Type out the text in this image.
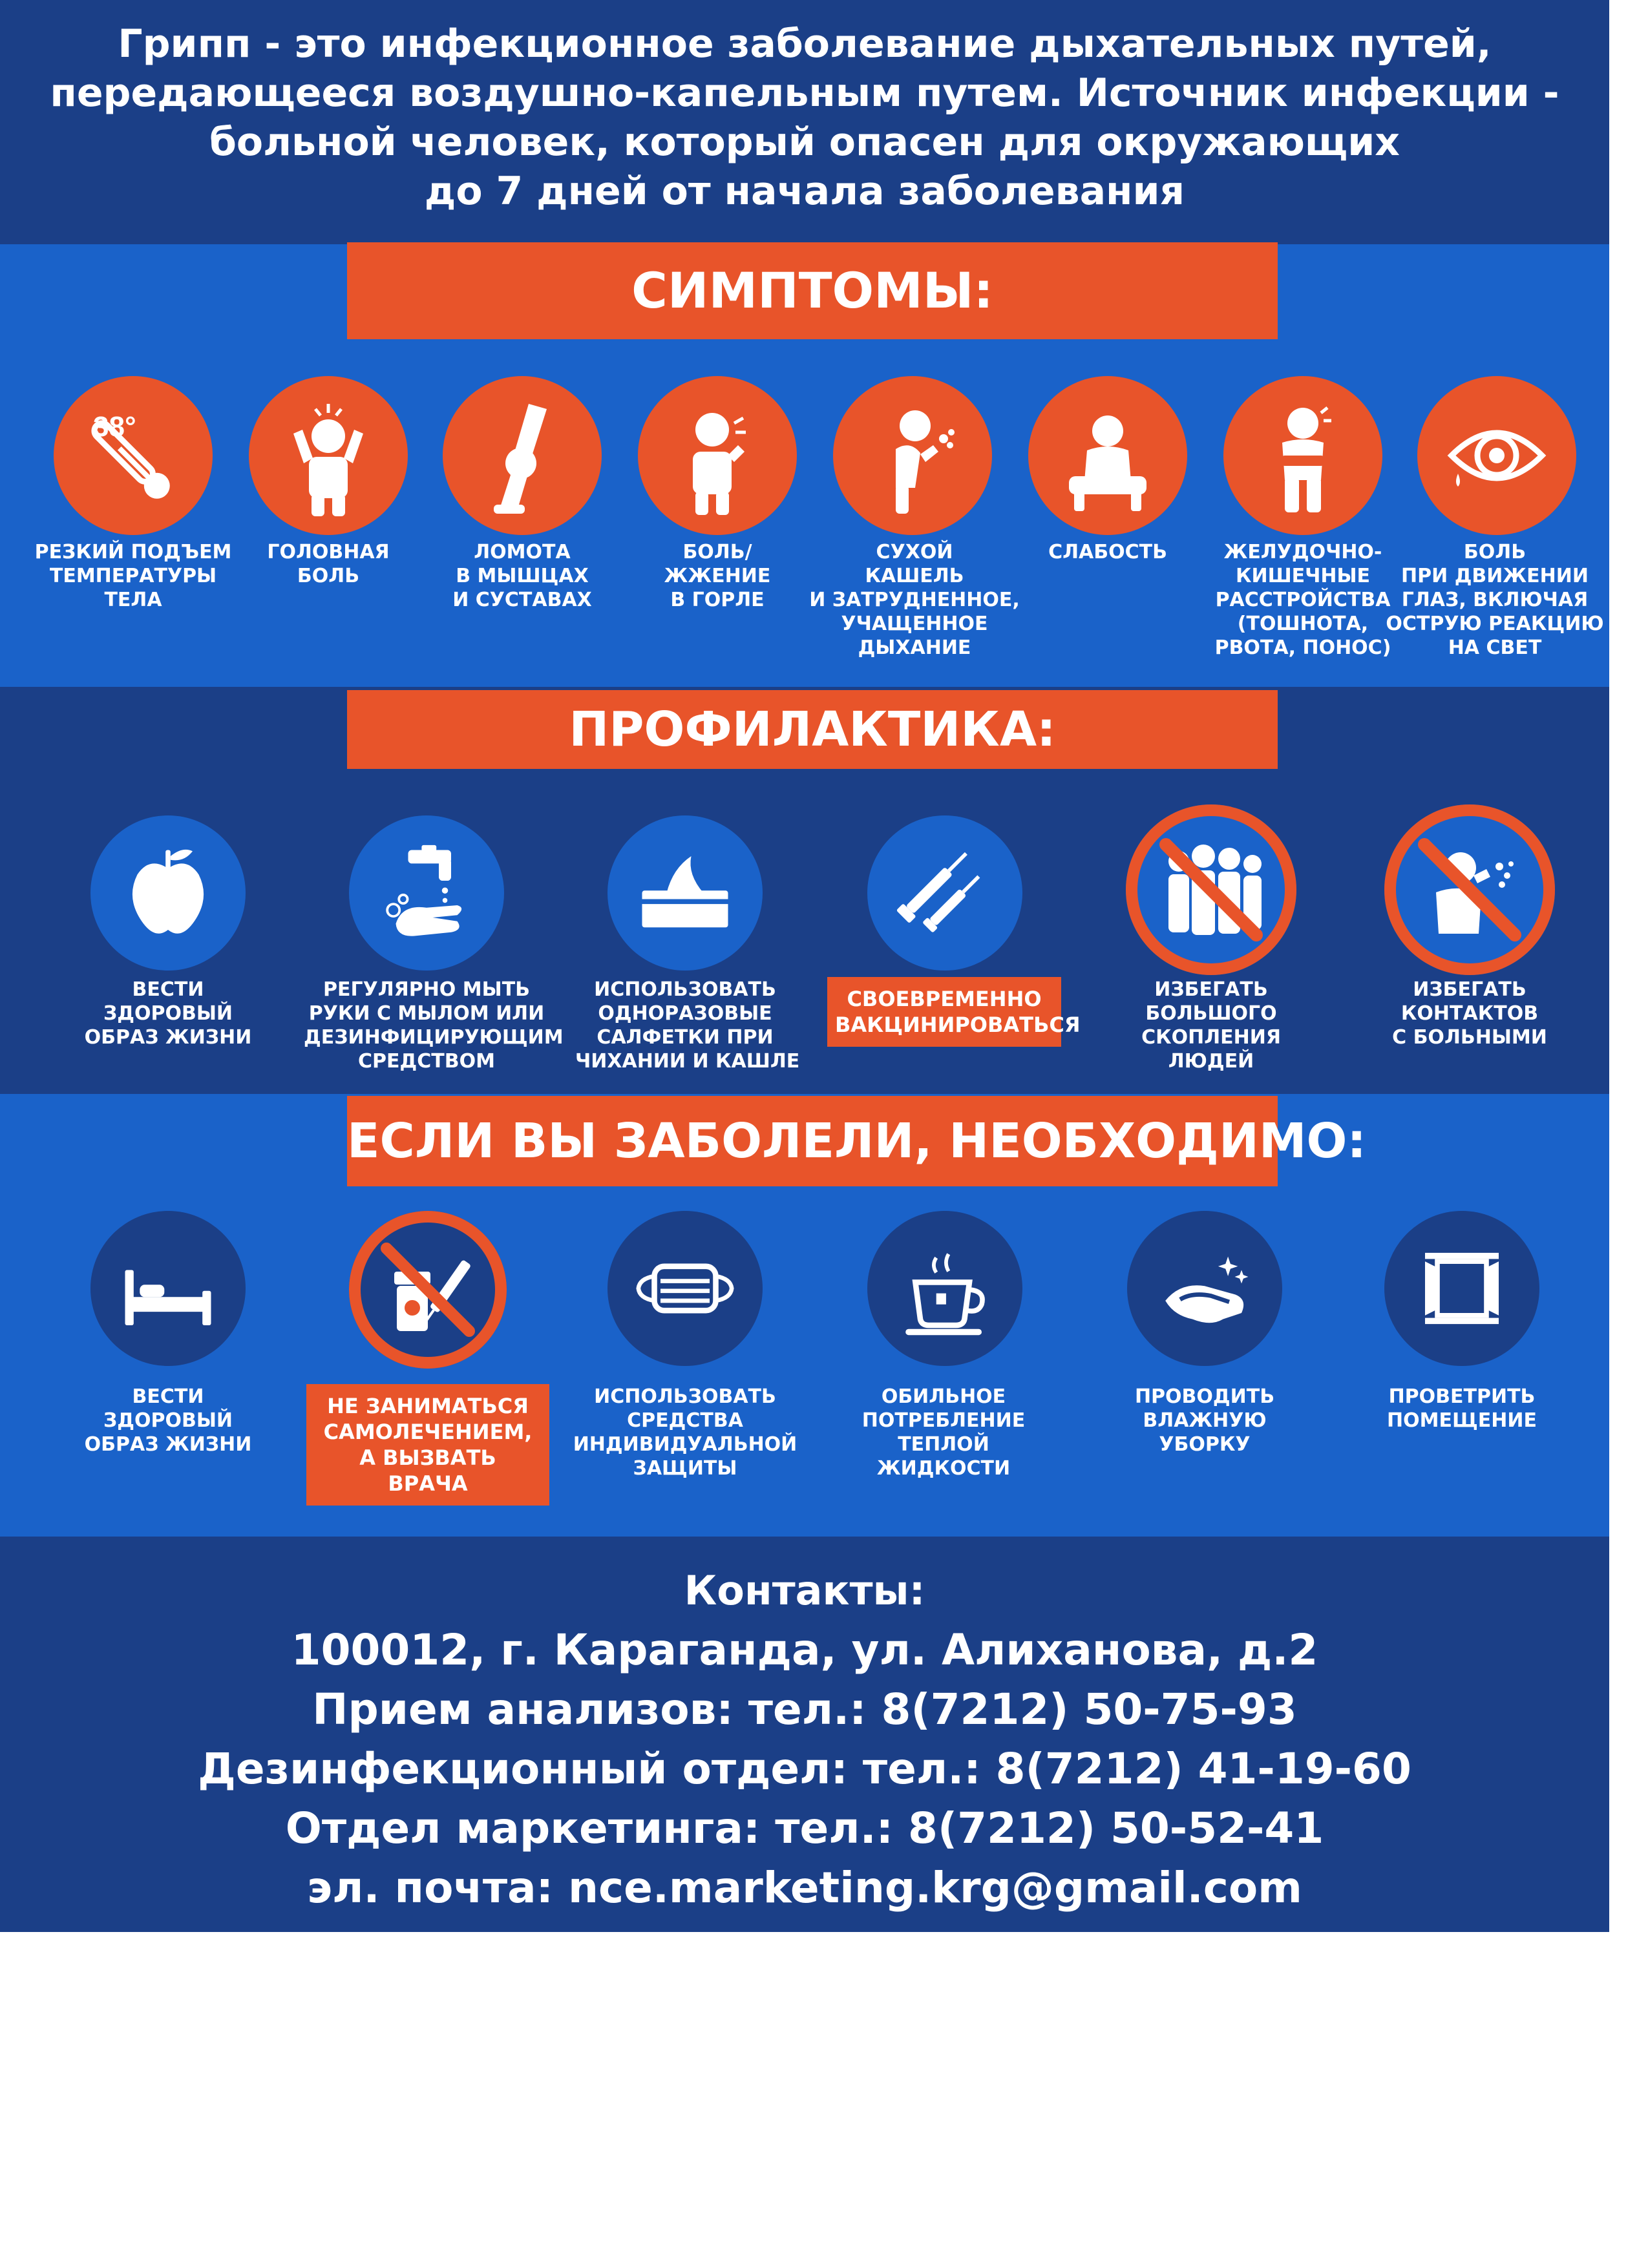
Грипп - это инфекционное заболевание дыхательных путей,
передающееся воздушно-капельным путем. Источник инфекции -
больной человек, который опасен для окружающих
до 7 дней от начала заболевания
СИМПТОМЫ:
38°
РЕЗКИЙ ПОДЪЕМ
ТЕМПЕРАТУРЫ
ТЕЛА
ГОЛОВНАЯ
БОЛЬ
ЛОМОТА
В МЫШЦАХ
И СУСТАВАХ
БОЛЬ/
ЖЖЕНИЕ
В ГОРЛЕ
СУХОЙ
КАШЕЛЬ
И ЗАТРУДНЕННОЕ,
УЧАЩЕННОЕ
ДЫХАНИЕ
СЛАБОСТЬ	ЖЕЛУДОЧНО-
КИШЕЧНЫЕ
РАССТРОЙСТВА
(ТОШНОТА,
РВОТА, ПОНОС)
БОЛЬ
ПРИ ДВИЖЕНИИ
ГЛАЗ, ВКЛЮЧАЯ
ОСТРУЮ РЕАКЦИЮ
НА СВЕТ
ПРОФИЛАКТИКА:
ВЕСТИ
ЗДОРОВЫЙ
ОБРАЗ ЖИЗНИ
РЕГУЛЯРНО МЫТЬ
РУКИ С МЫЛОМ ИЛИ
ДЕЗИНФИЦИРУЮЩИМ
СРЕДСТВОМ
ИСПОЛЬЗОВАТЬ
ОДНОРАЗОВЫЕ
САЛФЕТКИ ПРИ
ЧИХАНИИ И КАШЛЕ
СВОЕВРЕМЕННО
ВАКЦИНИРОВАТЬСЯ
ИЗБЕГАТЬ
БОЛЬШОГО
СКОПЛЕНИЯ
ЛЮДЕЙ
ИЗБЕГАТЬ
КОНТАКТОВ
С БОЛЬНЫМИ
ЕСЛИ ВЫ ЗАБОЛЕЛИ, НЕОБХОДИМО:
ВЕСТИ
ЗДОРОВЫЙ
ОБРАЗ ЖИЗНИ
НЕ ЗАНИМАТЬСЯ
САМОЛЕЧЕНИЕМ,
А ВЫЗВАТЬ
ВРАЧА
ИСПОЛЬЗОВАТЬ
СРЕДСТВА
ИНДИВИДУАЛЬНОЙ
ЗАЩИТЫ
ОБИЛЬНОЕ
ПОТРЕБЛЕНИЕ
ТЕПЛОЙ
ЖИДКОСТИ
ПРОВОДИТЬ
ВЛАЖНУЮ
УБОРКУ
ПРОВЕТРИТЬ
ПОМЕЩЕНИЕ
Контакты:
100012, г. Караганда, ул. Алиханова, д.2
Прием анализов: тел.: 8(7212) 50-75-93
Дезинфекционный отдел: тел.: 8(7212) 41-19-60
Отдел маркетинга: тел.: 8(7212) 50-52-41
эл. почта: nce.marketing.krg@gmail.com
